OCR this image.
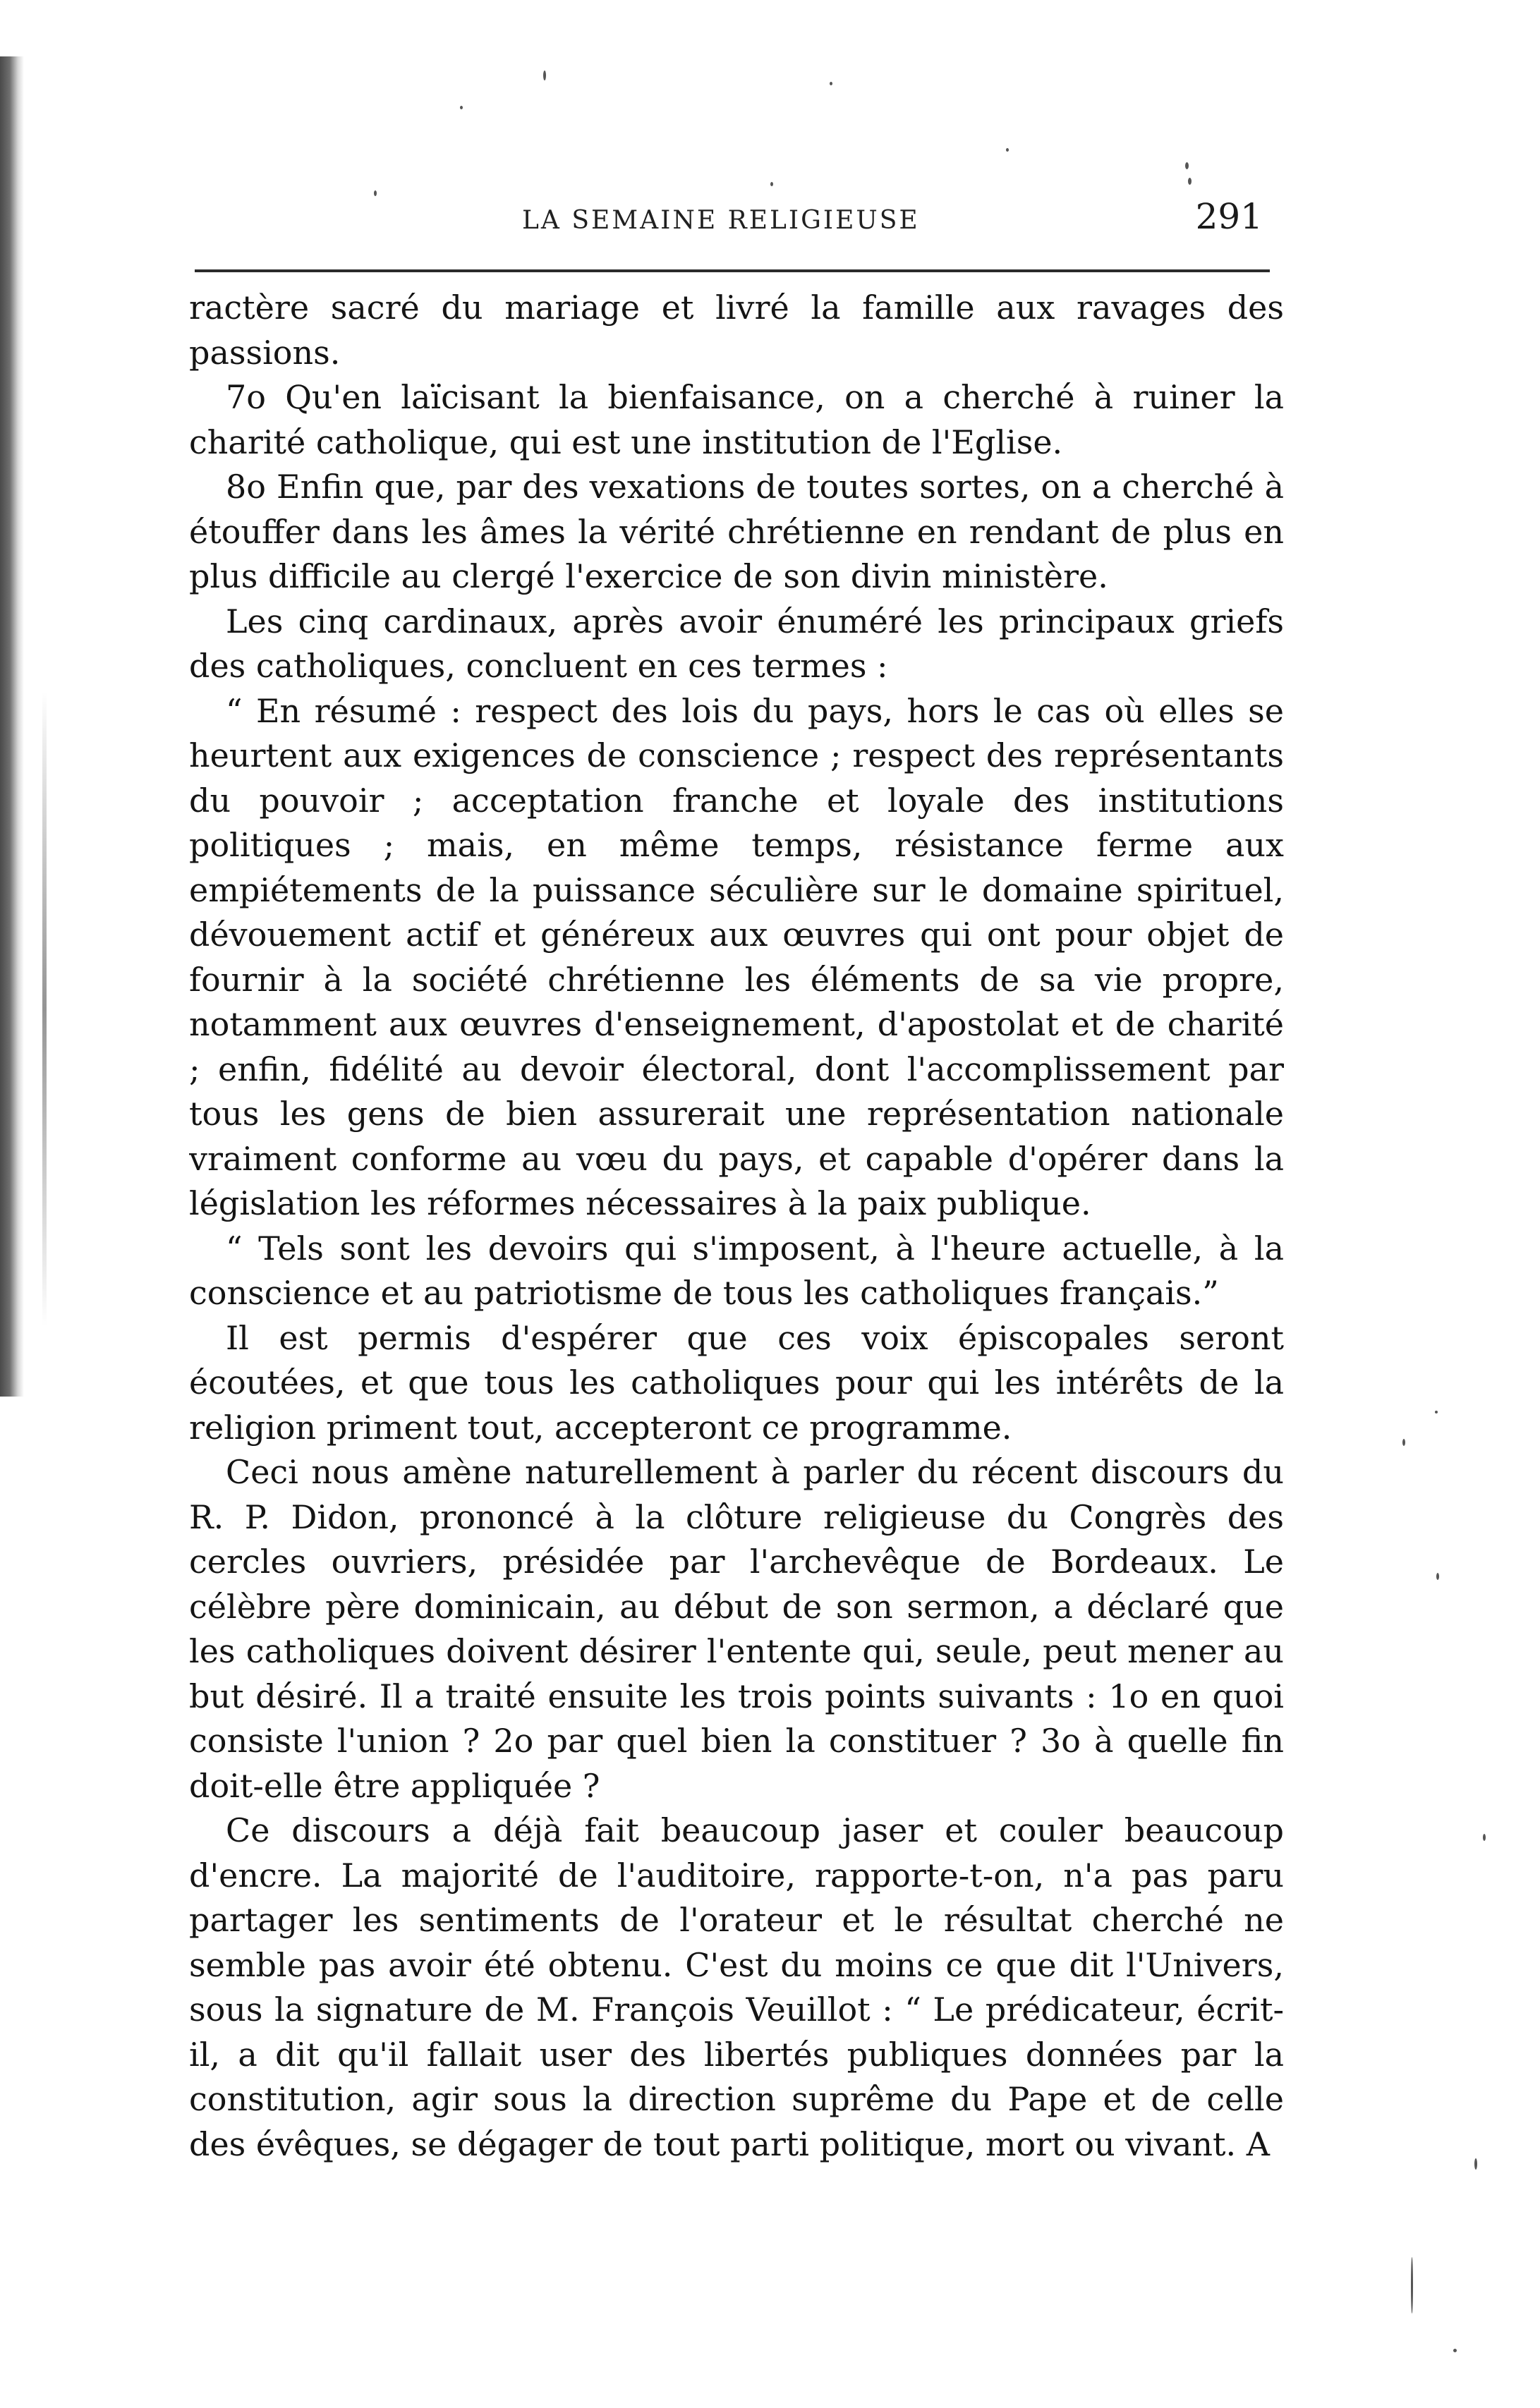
LA SEMAINE RELIGIEUSE	291

ractère sacré du mariage et livré la famille aux ravages des passions.

7o Qu'en laïcisant la bienfaisance, on a cherché à ruiner la charité catholique, qui est une institution de l'Eglise.

8o Enfin que, par des vexations de toutes sortes, on a cherché à étouffer dans les âmes la vérité chrétienne en rendant de plus en plus difficile au clergé l'exercice de son divin ministère.

Les cinq cardinaux, après avoir énuméré les principaux griefs des catholiques, concluent en ces termes :

“ En résumé : respect des lois du pays, hors le cas où elles se heurtent aux exigences de conscience ; respect des représentants du pouvoir ; acceptation franche et loyale des institutions politiques ; mais, en même temps, résistance ferme aux empiétements de la puissance séculière sur le domaine spirituel, dévouement actif et généreux aux œuvres qui ont pour objet de fournir à la société chrétienne les éléments de sa vie propre, notamment aux œuvres d'enseignement, d'apostolat et de charité ; enfin, fidélité au devoir électoral, dont l'accomplissement par tous les gens de bien assurerait une représentation nationale vraiment conforme au vœu du pays, et capable d'opérer dans la législation les réformes nécessaires à la paix publique.

“ Tels sont les devoirs qui s'imposent, à l'heure actuelle, à la conscience et au patriotisme de tous les catholiques français.”

Il est permis d'espérer que ces voix épiscopales seront écoutées, et que tous les catholiques pour qui les intérêts de la religion priment tout, accepteront ce programme.

Ceci nous amène naturellement à parler du récent discours du R. P. Didon, prononcé à la clôture religieuse du Congrès des cercles ouvriers, présidée par l'archevêque de Bordeaux. Le célèbre père dominicain, au début de son sermon, a déclaré que les catholiques doivent désirer l'entente qui, seule, peut mener au but désiré. Il a traité ensuite les trois points suivants : 1o en quoi consiste l'union ? 2o par quel bien la constituer ? 3o à quelle fin doit-elle être appliquée ?

Ce discours a déjà fait beaucoup jaser et couler beaucoup d'encre. La majorité de l'auditoire, rapporte-t-on, n'a pas paru partager les sentiments de l'orateur et le résultat cherché ne semble pas avoir été obtenu. C'est du moins ce que dit l'Univers, sous la signature de M. François Veuillot : “ Le prédicateur, écrit-il, a dit qu'il fallait user des libertés publiques données par la constitution, agir sous la direction suprême du Pape et de celle des évêques, se dégager de tout parti politique, mort ou vivant. A
